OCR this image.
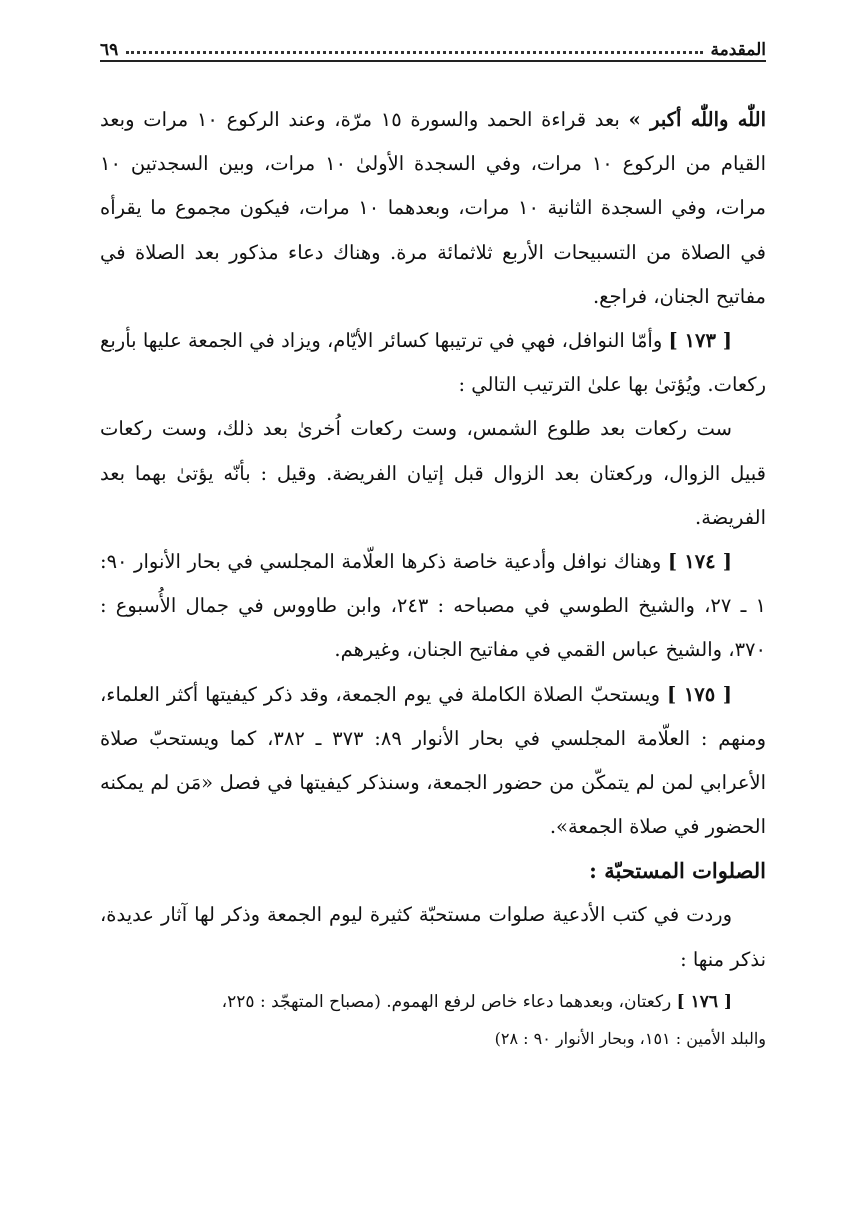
المقدمة
٦٩

اللّٰه واللّٰه أكبر » بعد قراءة الحمد والسورة ١٥ مرّة، وعند الركوع ١٠ مرات وبعد القيام من الركوع ١٠ مرات، وفي السجدة الأولىٰ ١٠ مرات، وبين السجدتين ١٠ مرات، وفي السجدة الثانية ١٠ مرات، وبعدهما ١٠ مرات، فيكون مجموع ما يقرأه في الصلاة من التسبيحات الأربع ثلاثمائة مرة. وهناك دعاء مذكور بعد الصلاة في مفاتيح الجنان، فراجع.

[ ١٧٣ ] وأمّا النوافل، فهي في ترتيبها كسائر الأيّام، ويزاد في الجمعة عليها بأربع ركعات. ويُؤتىٰ بها علىٰ الترتيب التالي :

ست ركعات بعد طلوع الشمس، وست ركعات اُخرىٰ بعد ذلك، وست ركعات قبيل الزوال، وركعتان بعد الزوال قبل إتيان الفريضة. وقيل : بأنّه يؤتىٰ بهما بعد الفريضة.

[ ١٧٤ ] وهناك نوافل وأدعية خاصة ذكرها العلّامة المجلسي في بحار الأنوار ٩٠: ١ ـ ٢٧، والشيخ الطوسي في مصباحه : ٢٤٣، وابن طاووس في جمال الأُسبوع : ٣٧٠، والشيخ عباس القمي في مفاتيح الجنان، وغيرهم.

[ ١٧٥ ] ويستحبّ الصلاة الكاملة في يوم الجمعة، وقد ذكر كيفيتها أكثر العلماء، ومنهم : العلّامة المجلسي في بحار الأنوار ٨٩: ٣٧٣ ـ ٣٨٢، كما ويستحبّ صلاة الأعرابي لمن لم يتمكّن من حضور الجمعة، وسنذكر كيفيتها في فصل «مَن لم يمكنه الحضور في صلاة الجمعة».

الصلوات المستحبّة :

وردت في كتب الأدعية صلوات مستحبّة كثيرة ليوم الجمعة وذكر لها آثار عديدة، نذكر منها :

[ ١٧٦ ] ركعتان، وبعدهما دعاء خاص لرفع الهموم. (مصباح المتهجّد : ٢٢٥،

والبلد الأمين : ١٥١، وبحار الأنوار ٩٠ : ٢٨)
